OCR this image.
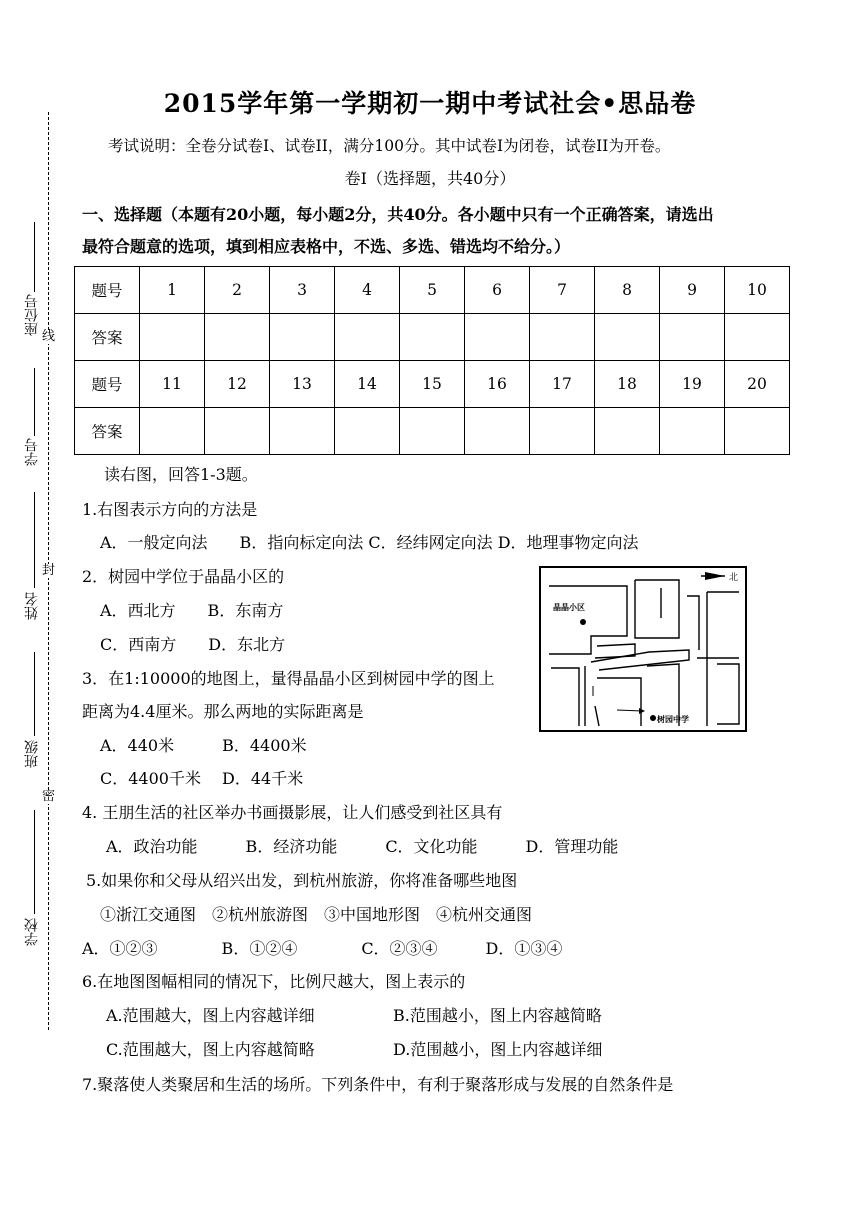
座位号
学号
姓名
班级
学校
线
封
密
2015学年第一学期初一期中考试社会•思品卷
考试说明：全卷分试卷I、试卷II，满分100分。其中试卷I为闭卷，试卷II为开卷。
卷I（选择题，共40分）
一、选择题（本题有20小题，每小题2分，共40分。各小题中只有一个正确答案，请选出
最符合题意的选项，填到相应表格中，不选、多选、错选均不给分。）
题号	1	2	3	4	5	6	7	8	9	10
答案										
题号	11	12	13	14	15	16	17	18	19	20
答案										
读右图，回答1-3题。
1.右图表示方向的方法是
A．一般定向法　　B．指向标定向法 C．经纬网定向法 D．地理事物定向法
2．树园中学位于晶晶小区的
A．西北方　　B．东南方
C．西南方　　D．东北方
3．在1:10000的地图上，量得晶晶小区到树园中学的图上
距离为4.4厘米。那么两地的实际距离是
A．440米　　　B．4400米
C．4400千米　 D．44千米
4. 王朋生活的社区举办书画摄影展，让人们感受到社区具有
A．政治功能　　　B．经济功能　　　C．文化功能　　　D．管理功能
5.如果你和父母从绍兴出发，到杭州旅游，你将准备哪些地图
①浙江交通图　②杭州旅游图　③中国地形图　④杭州交通图
A．①②③　　　　B．①②④　　　　C．②③④　　　D．①③④
6.在地图图幅相同的情况下，比例尺越大，图上表示的
A.范围越大，图上内容越详细	B.范围越小，图上内容越简略
C.范围越大，图上内容越简略	D.范围越小，图上内容越详细
7.聚落使人类聚居和生活的场所。下列条件中，有利于聚落形成与发展的自然条件是
北
晶晶小区
树园中学
